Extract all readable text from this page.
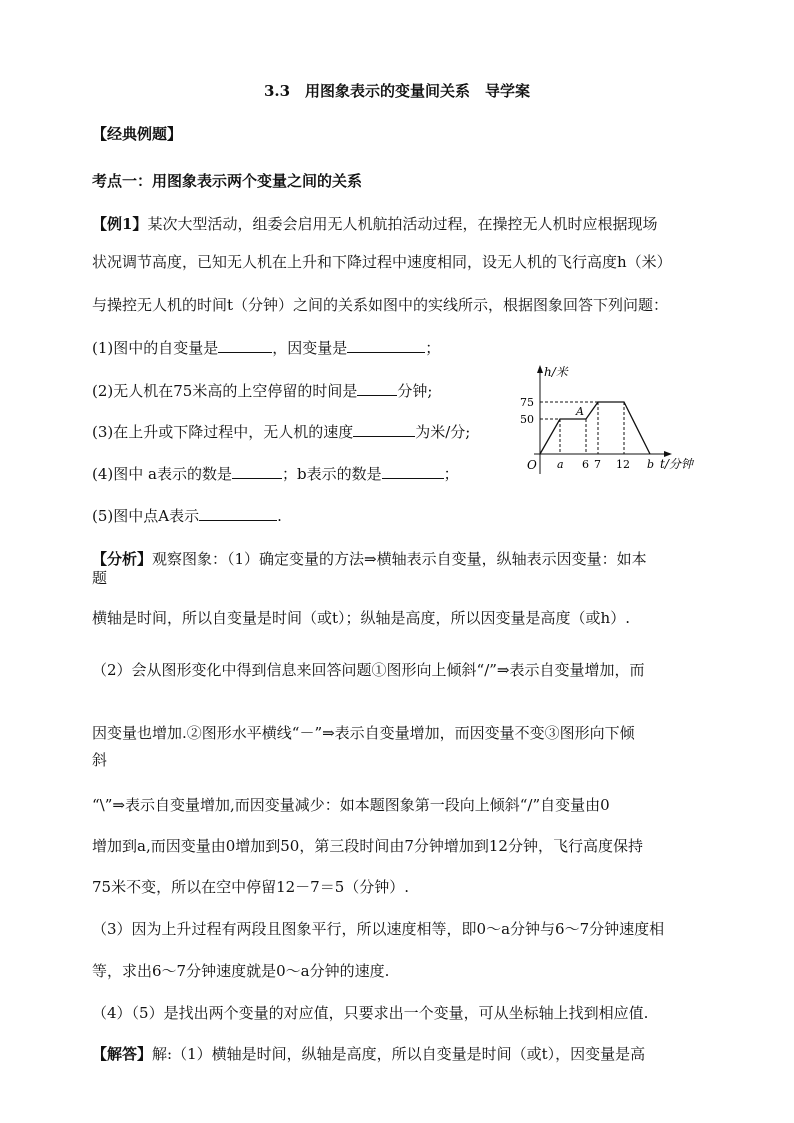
3.3　用图象表示的变量间关系　导学案
【经典例题】
考点一：用图象表示两个变量之间的关系
【例1】某次大型活动，组委会启用无人机航拍活动过程，在操控无人机时应根据现场
状况调节高度，已知无人机在上升和下降过程中速度相同，设无人机的飞行高度h（米）
与操控无人机的时间t（分钟）之间的关系如图中的实线所示，根据图象回答下列问题：
(1)图中的自变量是	，因变量是	；
(2)无人机在75米高的上空停留的时间是	分钟;
(3)在上升或下降过程中，无人机的速度	为米/分;
(4)图中 a表示的数是	；b表示的数是	；
(5)图中点A表示	.
h/米
75
50
O
A
a 6 7 12 b t/分钟
【分析】观察图象：（1）确定变量的方法⇒横轴表示自变量，纵轴表示因变量：如本
题
横轴是时间，所以自变量是时间（或t）；纵轴是高度，所以因变量是高度（或h）.
（2）会从图形变化中得到信息来回答问题①图形向上倾斜“/”⇒表示自变量增加，而
因变量也增加.②图形水平横线“－”⇒表示自变量增加，而因变量不变③图形向下倾
斜
“\”⇒表示自变量增加,而因变量减少：如本题图象第一段向上倾斜“/”自变量由0
增加到a,而因变量由0增加到50，第三段时间由7分钟增加到12分钟，飞行高度保持
75米不变，所以在空中停留12－7＝5（分钟）.
（3）因为上升过程有两段且图象平行，所以速度相等，即0～a分钟与6～7分钟速度相
等，求出6～7分钟速度就是0～a分钟的速度.
（4）（5）是找出两个变量的对应值，只要求出一个变量，可从坐标轴上找到相应值.
【解答】解:（1）横轴是时间，纵轴是高度，所以自变量是时间（或t），因变量是高
